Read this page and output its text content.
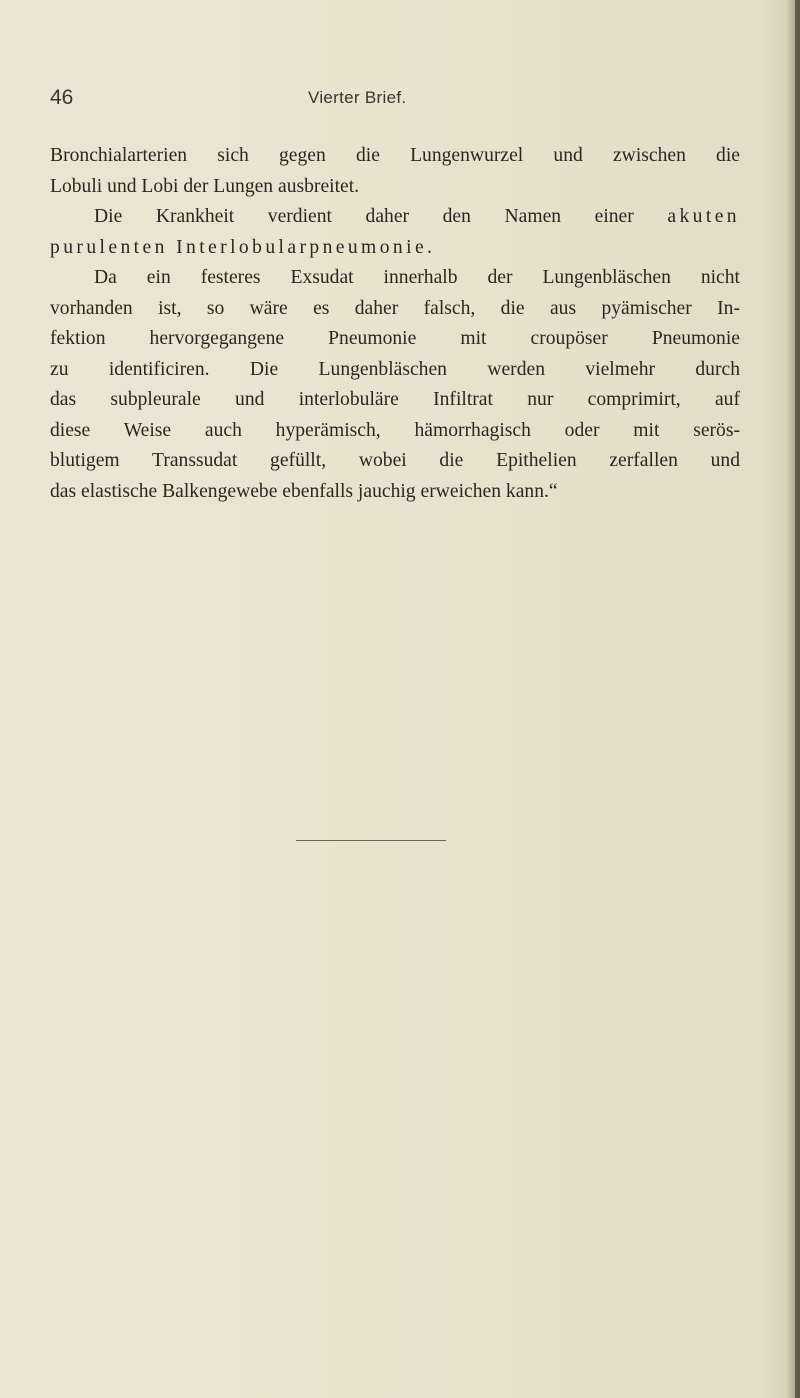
46	Vierter Brief.

Bronchialarterien sich gegen die Lungenwurzel und zwischen die
Lobuli und Lobi der Lungen ausbreitet.

Die Krankheit verdient daher den Namen einer akuten
purulenten Interlobularpneumonie.

Da ein festeres Exsudat innerhalb der Lungenbläschen nicht
vorhanden ist, so wäre es daher falsch, die aus pyämischer In-
fektion hervorgegangene Pneumonie mit croupöser Pneumonie
zu identificiren. Die Lungenbläschen werden vielmehr durch
das subpleurale und interlobuläre Infiltrat nur comprimirt, auf
diese Weise auch hyperämisch, hämorrhagisch oder mit serös-
blutigem Transsudat gefüllt, wobei die Epithelien zerfallen und
das elastische Balkengewebe ebenfalls jauchig erweichen kann.“
